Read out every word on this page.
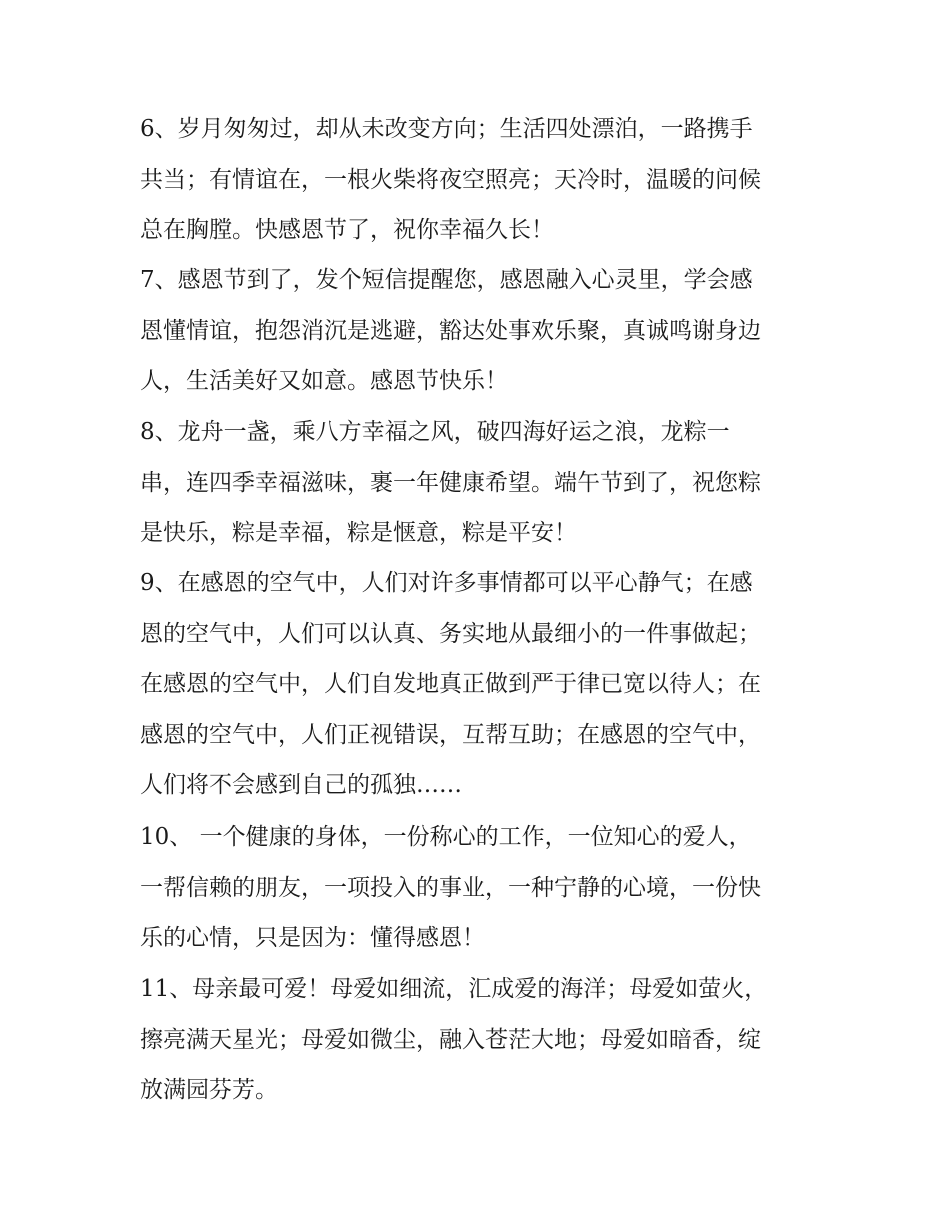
6、岁月匆匆过，却从未改变方向；生活四处漂泊，一路携手
共当；有情谊在，一根火柴将夜空照亮；天冷时，温暖的问候
总在胸膛。快感恩节了，祝你幸福久长！

7、感恩节到了，发个短信提醒您，感恩融入心灵里，学会感
恩懂情谊，抱怨消沉是逃避，豁达处事欢乐聚，真诚鸣谢身边
人，生活美好又如意。感恩节快乐！

8、龙舟一盏，乘八方幸福之风，破四海好运之浪，龙粽一
串，连四季幸福滋味，裹一年健康希望。端午节到了，祝您粽
是快乐，粽是幸福，粽是惬意，粽是平安！

9、在感恩的空气中，人们对许多事情都可以平心静气；在感
恩的空气中，人们可以认真、务实地从最细小的一件事做起；
在感恩的空气中，人们自发地真正做到严于律已宽以待人；在
感恩的空气中，人们正视错误，互帮互助；在感恩的空气中，
人们将不会感到自己的孤独……

10、 一个健康的身体，一份称心的工作，一位知心的爱人，
一帮信赖的朋友，一项投入的事业，一种宁静的心境，一份快
乐的心情，只是因为：懂得感恩！

11、母亲最可爱！母爱如细流，汇成爱的海洋；母爱如萤火，
擦亮满天星光；母爱如微尘，融入苍茫大地；母爱如暗香，绽
放满园芬芳。
